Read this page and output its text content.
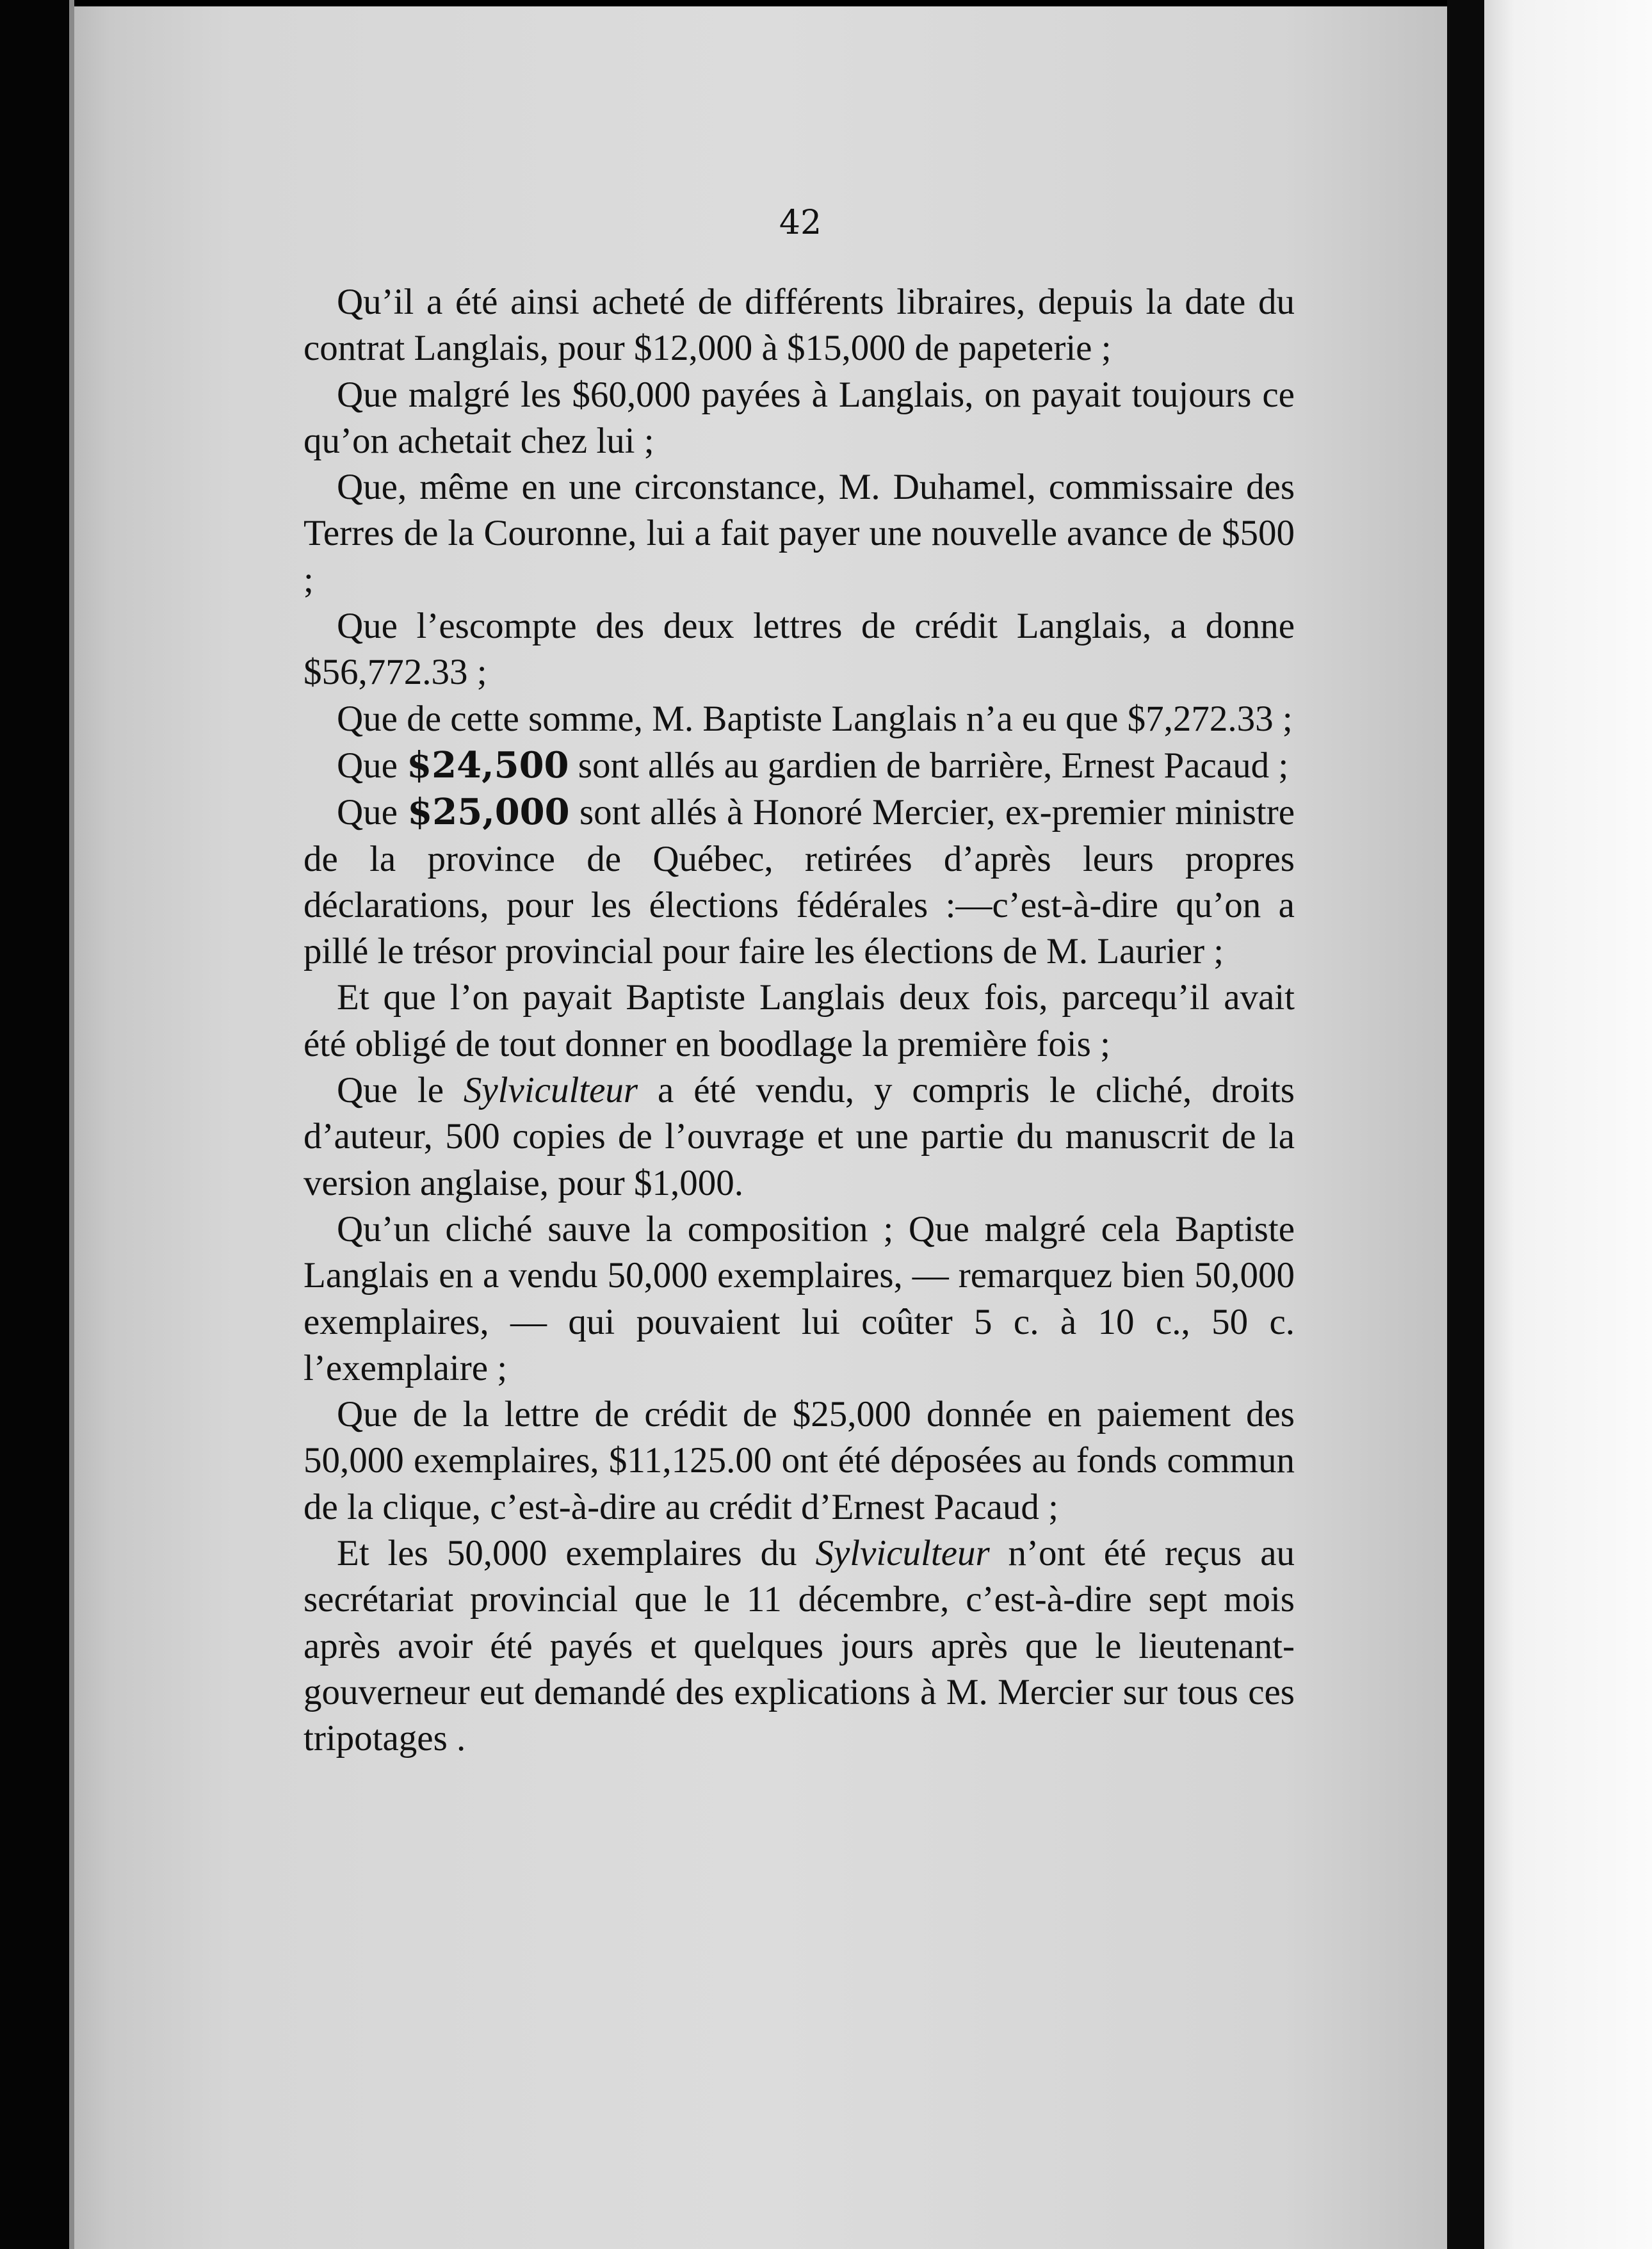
42

Qu’il a été ainsi acheté de différents libraires, depuis la date du contrat Langlais, pour $12,000 à $15,000 de papeterie ;

Que malgré les $60,000 payées à Langlais, on payait toujours ce qu’on achetait chez lui ;

Que, même en une circonstance, M. Duhamel, commissaire des Terres de la Couronne, lui a fait payer une nouvelle avance de $500 ;

Que l’escompte des deux lettres de crédit Langlais, a donne $56,772.33 ;

Que de cette somme, M. Baptiste Langlais n’a eu que $7,272.33 ;

Que $24,500 sont allés au gardien de barrière, Ernest Pacaud ;

Que $25,000 sont allés à Honoré Mercier, ex-premier ministre de la province de Québec, retirées d’après leurs propres déclarations, pour les élections fédérales :—c’est-à-dire qu’on a pillé le trésor provincial pour faire les élections de M. Laurier ;

Et que l’on payait Baptiste Langlais deux fois, parcequ’il avait été obligé de tout donner en boodlage la première fois ;

Que le Sylviculteur a été vendu, y compris le cliché, droits d’auteur, 500 copies de l’ouvrage et une partie du manuscrit de la version anglaise, pour $1,000.

Qu’un cliché sauve la composition ; Que malgré cela Baptiste Langlais en a vendu 50,000 exemplaires, — remarquez bien 50,000 exemplaires, — qui pouvaient lui coûter 5 c. à 10 c., 50 c. l’exemplaire ;

Que de la lettre de crédit de $25,000 donnée en paiement des 50,000 exemplaires, $11,125.00 ont été déposées au fonds commun de la clique, c’est-à-dire au crédit d’Ernest Pacaud ;

Et les 50,000 exemplaires du Sylviculteur n’ont été reçus au secrétariat provincial que le 11 décembre, c’est-à-dire sept mois après avoir été payés et quelques jours après que le lieutenant-gouverneur eut demandé des explications à M. Mercier sur tous ces tripotages .
